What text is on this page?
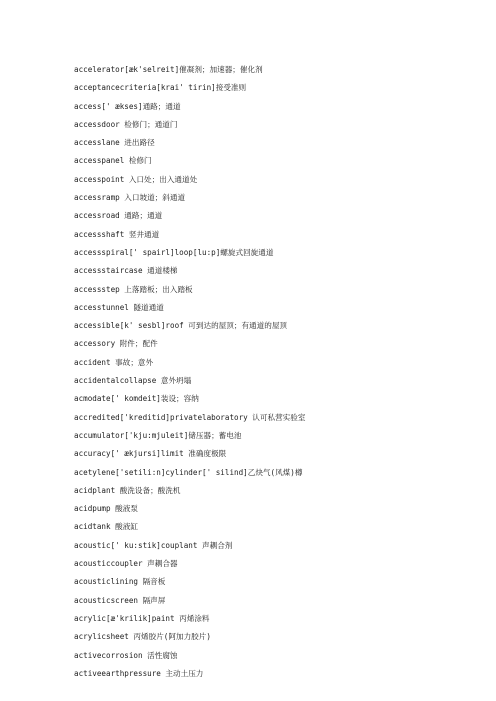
accelerator[æk'sel‌‌‌reit‌]催凝剂；加速器；催化剂
acceptancecriteria[krai' ti‌ri‌n]接受准则
access[' ækses]通路；通道
accessdoor 检修门；通道门
accesslane 进出路径
accesspanel 检修门
accesspoint 入口处；出入通道处
accessramp 入口坡道；斜通道
accessroad 通路；通道
accessshaft 竖井通道
accessspiral[' spai‌r‌l]loop[lu:p]螺旋式回旋通道
accessstaircase 通道楼梯
accessstep 上落踏板；出入踏板
accesstunnel 隧道通道
accessible[‌k' ses‌b‌l]roof 可到达的屋顶；有通道的屋顶
accessory 附件；配件
accident 事故；意外
accidentalcollapse 意外坍塌
acmodate[‌' kom‌deit]装设；容纳
accredited[‌'kreditid]privatelaboratory 认可私营实验室
accumulator[‌'kju:mjuleit‌]储压器；蓄电池
accuracy[' ækjur‌si]limit 准确度极限
acetylene[‌'setili:n]cylinder[' silind‌]乙炔气(风煤)樽
acidplant 酸洗设备；酸洗机
acidpump 酸液泵
acidtank 酸液缸
acoustic[‌' ku:stik]couplant 声耦合剂
acousticcoupler 声耦合器
acousticlining 隔音板
acousticscreen 隔声屏
acrylic[æ'krilik]paint 丙烯涂料
acrylicsheet 丙烯胶片(阿加力胶片)
activecorrosion 活性腐蚀
activeearthpressure 主动土压力
